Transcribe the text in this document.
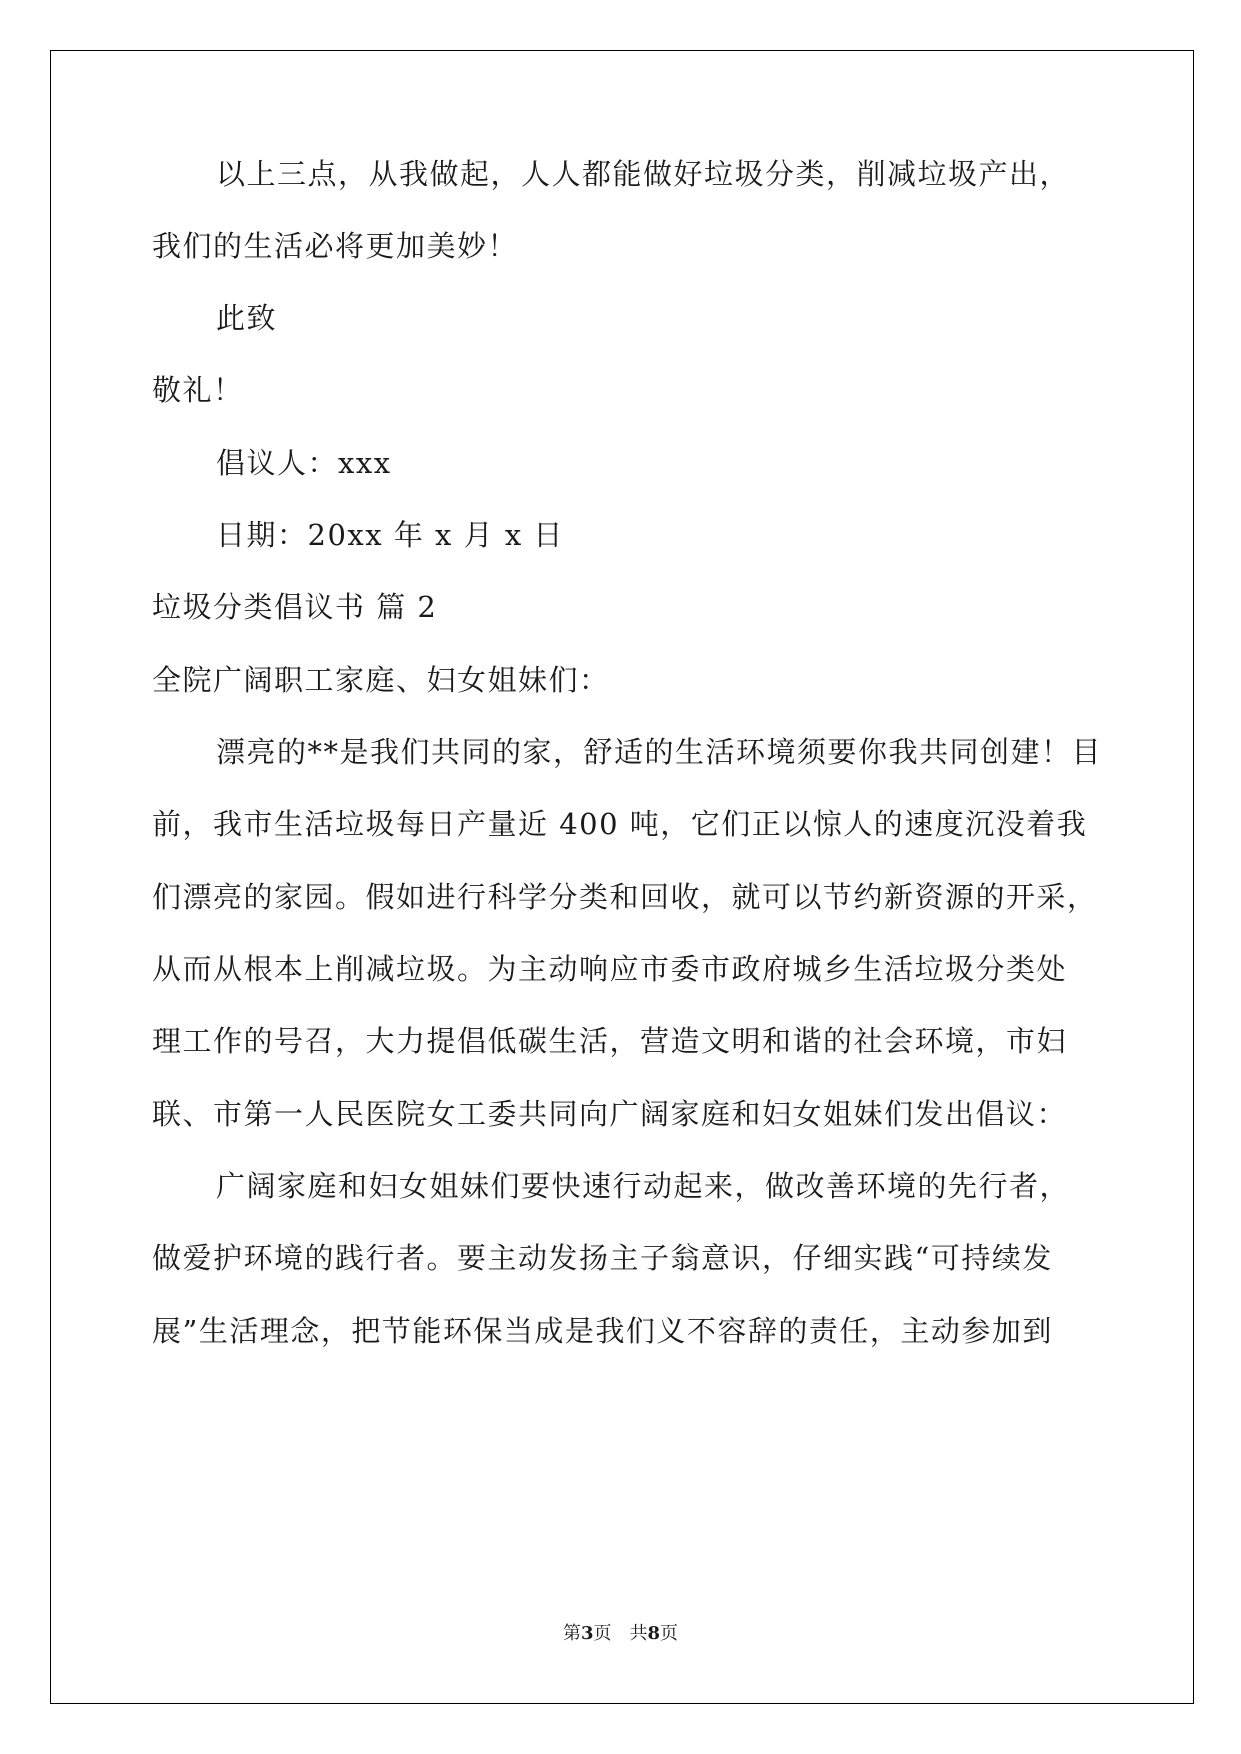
以上三点，从我做起，人人都能做好垃圾分类，削减垃圾产出，
我们的生活必将更加美妙！
此致
敬礼！
倡议人：xxx
日期：20xx 年 x 月 x 日
垃圾分类倡议书 篇 2
全院广阔职工家庭、妇女姐妹们：
漂亮的**是我们共同的家，舒适的生活环境须要你我共同创建！目
前，我市生活垃圾每日产量近 400 吨，它们正以惊人的速度沉没着我
们漂亮的家园。假如进行科学分类和回收，就可以节约新资源的开采，
从而从根本上削减垃圾。为主动响应市委市政府城乡生活垃圾分类处
理工作的号召，大力提倡低碳生活，营造文明和谐的社会环境，市妇
联、市第一人民医院女工委共同向广阔家庭和妇女姐妹们发出倡议：
广阔家庭和妇女姐妹们要快速行动起来，做改善环境的先行者，
做爱护环境的践行者。要主动发扬主子翁意识，仔细实践“可持续发
展”生活理念，把节能环保当成是我们义不容辞的责任，主动参加到
第3页　共8页
